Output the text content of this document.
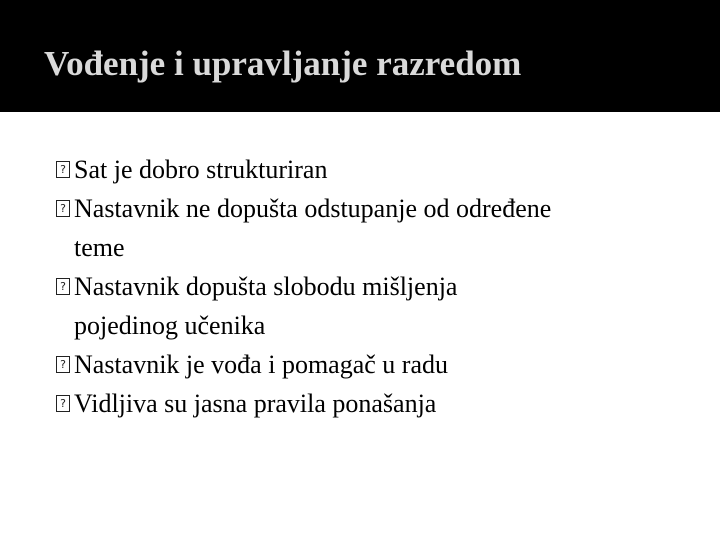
Vođenje i upravljanje razredom
? Sat je dobro strukturiran
? Nastavnik ne dopušta odstupanje od određene
teme
? Nastavnik dopušta slobodu mišljenja
pojedinog učenika
? Nastavnik je vođa i pomagač u radu
? Vidljiva su jasna pravila ponašanja
